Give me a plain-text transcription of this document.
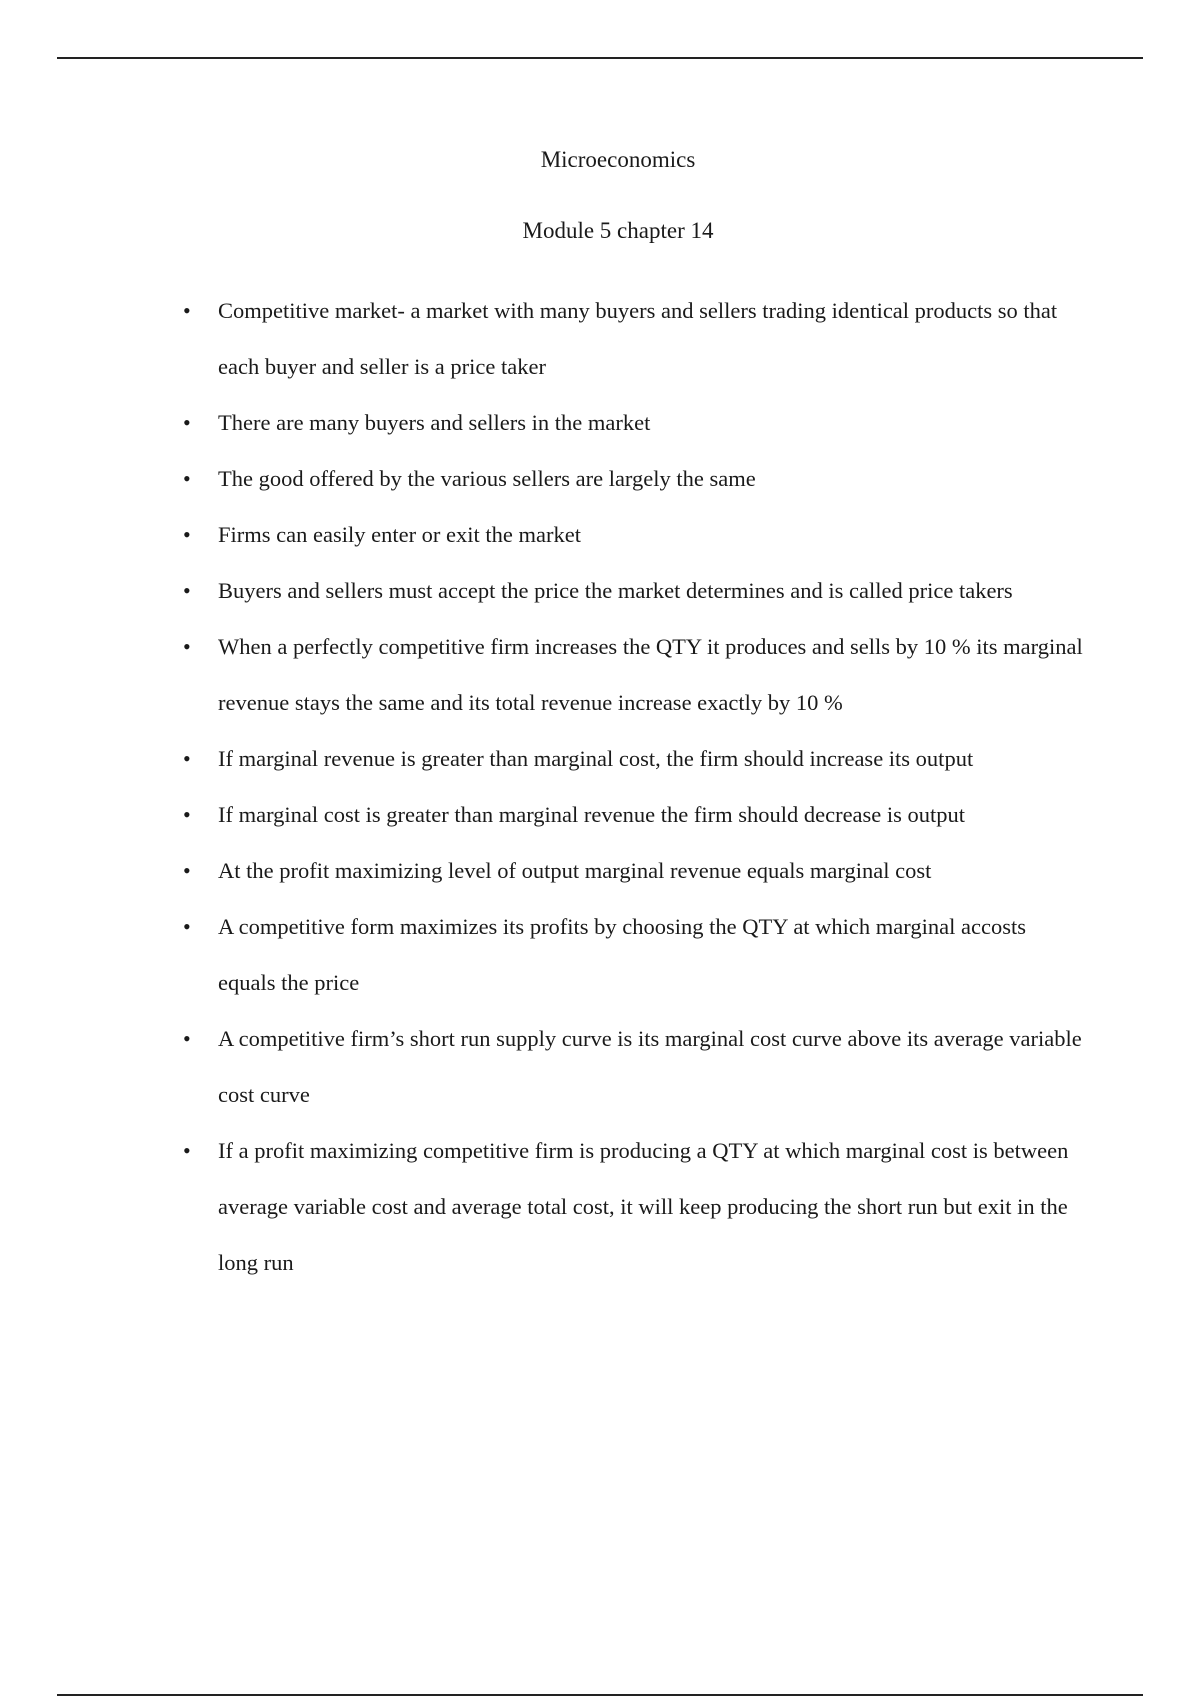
Microeconomics
Module 5 chapter 14
• Competitive market- a market with many buyers and sellers trading identical products so that each buyer and seller is a price taker
• There are many buyers and sellers in the market
• The good offered by the various sellers are largely the same
• Firms can easily enter or exit the market
• Buyers and sellers must accept the price the market determines and is called price takers
• When a perfectly competitive firm increases the QTY it produces and sells by 10 % its marginal revenue stays the same and its total revenue increase exactly by 10 %
• If marginal revenue is greater than marginal cost, the firm should increase its output
• If marginal cost is greater than marginal revenue the firm should decrease is output
• At the profit maximizing level of output marginal revenue equals marginal cost
• A competitive form maximizes its profits by choosing the QTY at which marginal accosts equals the price
• A competitive firm’s short run supply curve is its marginal cost curve above its average variable cost curve
• If a profit maximizing competitive firm is producing a QTY at which marginal cost is between average variable cost and average total cost, it will keep producing the short run but exit in the long run
